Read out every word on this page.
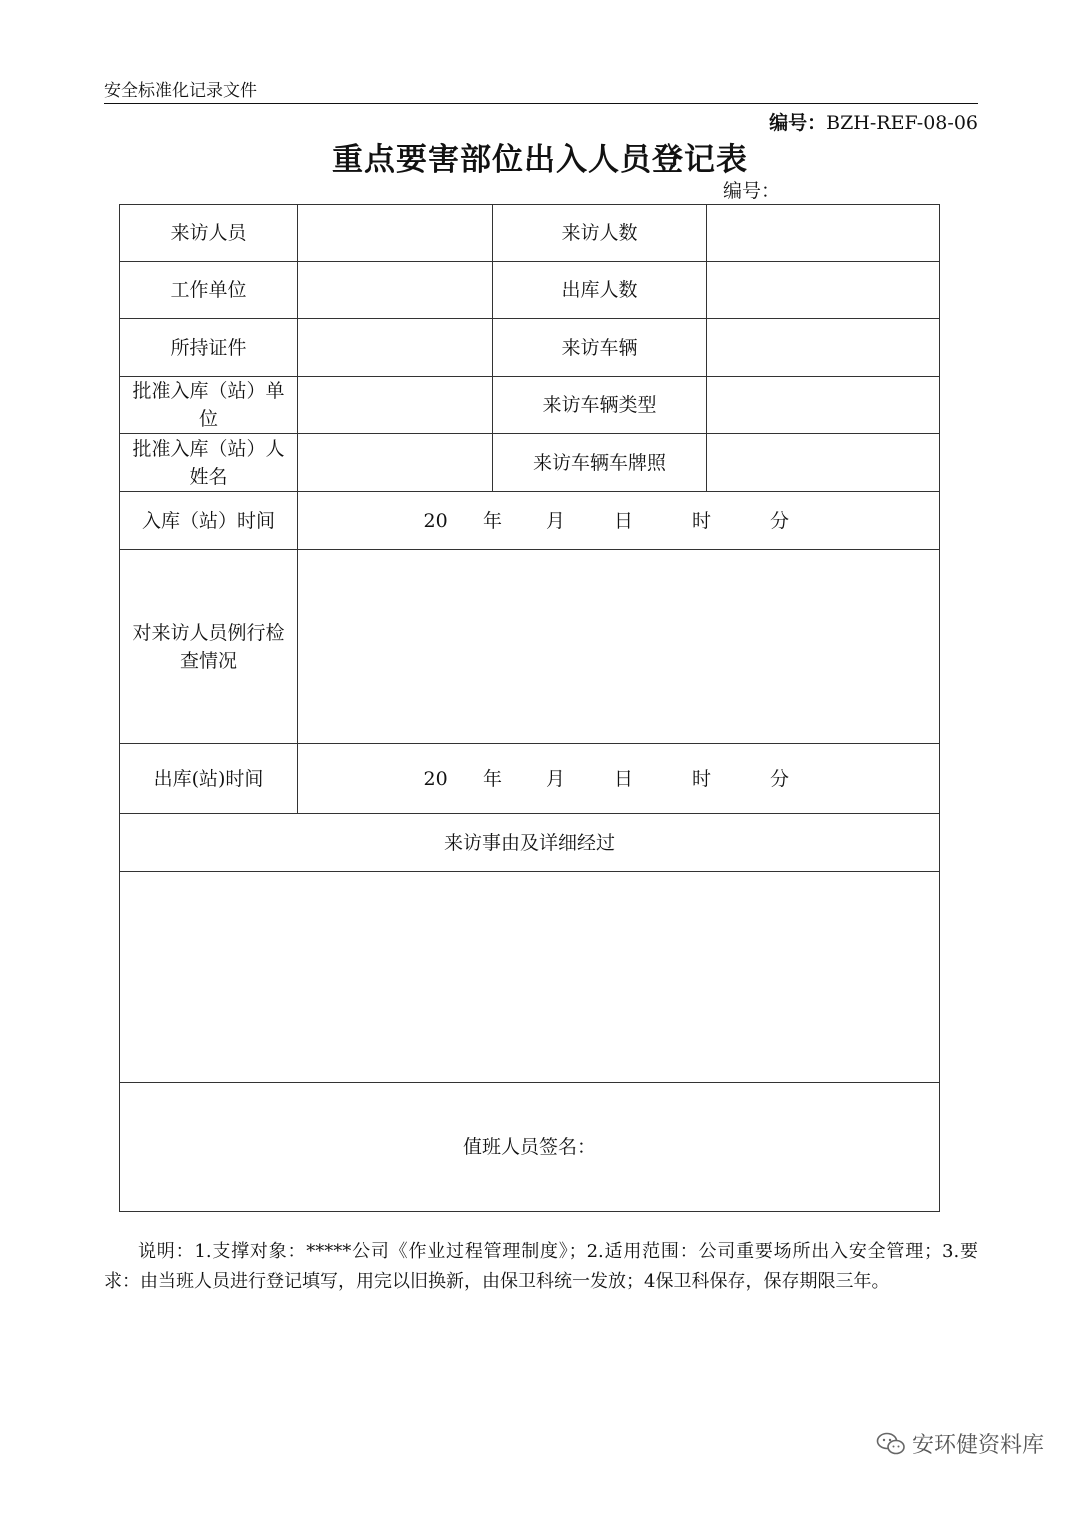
安全标准化记录文件
编号：BZH-REF-08-06
重点要害部位出入人员登记表
编号：
来访人员		来访人数	
工作单位		出库人数	
所持证件		来访车辆	
批准入库（站）单位		来访车辆类型	
批准入库（站）人姓名		来访车辆车牌照	
入库（站）时间	20 年 月 日 时 分		
对来访人员例行检查情况			
出库(站)时间	20 年 月 日 时 分		
来访事由及详细经过			

值班人员签名：			
说明：1.支撑对象：*****公司《作业过程管理制度》；2.适用范围：公司重要场所出入安全管理；3.要求：由当班人员进行登记填写，用完以旧换新，由保卫科统一发放；4保卫科保存，保存期限三年。
安环健资料库
